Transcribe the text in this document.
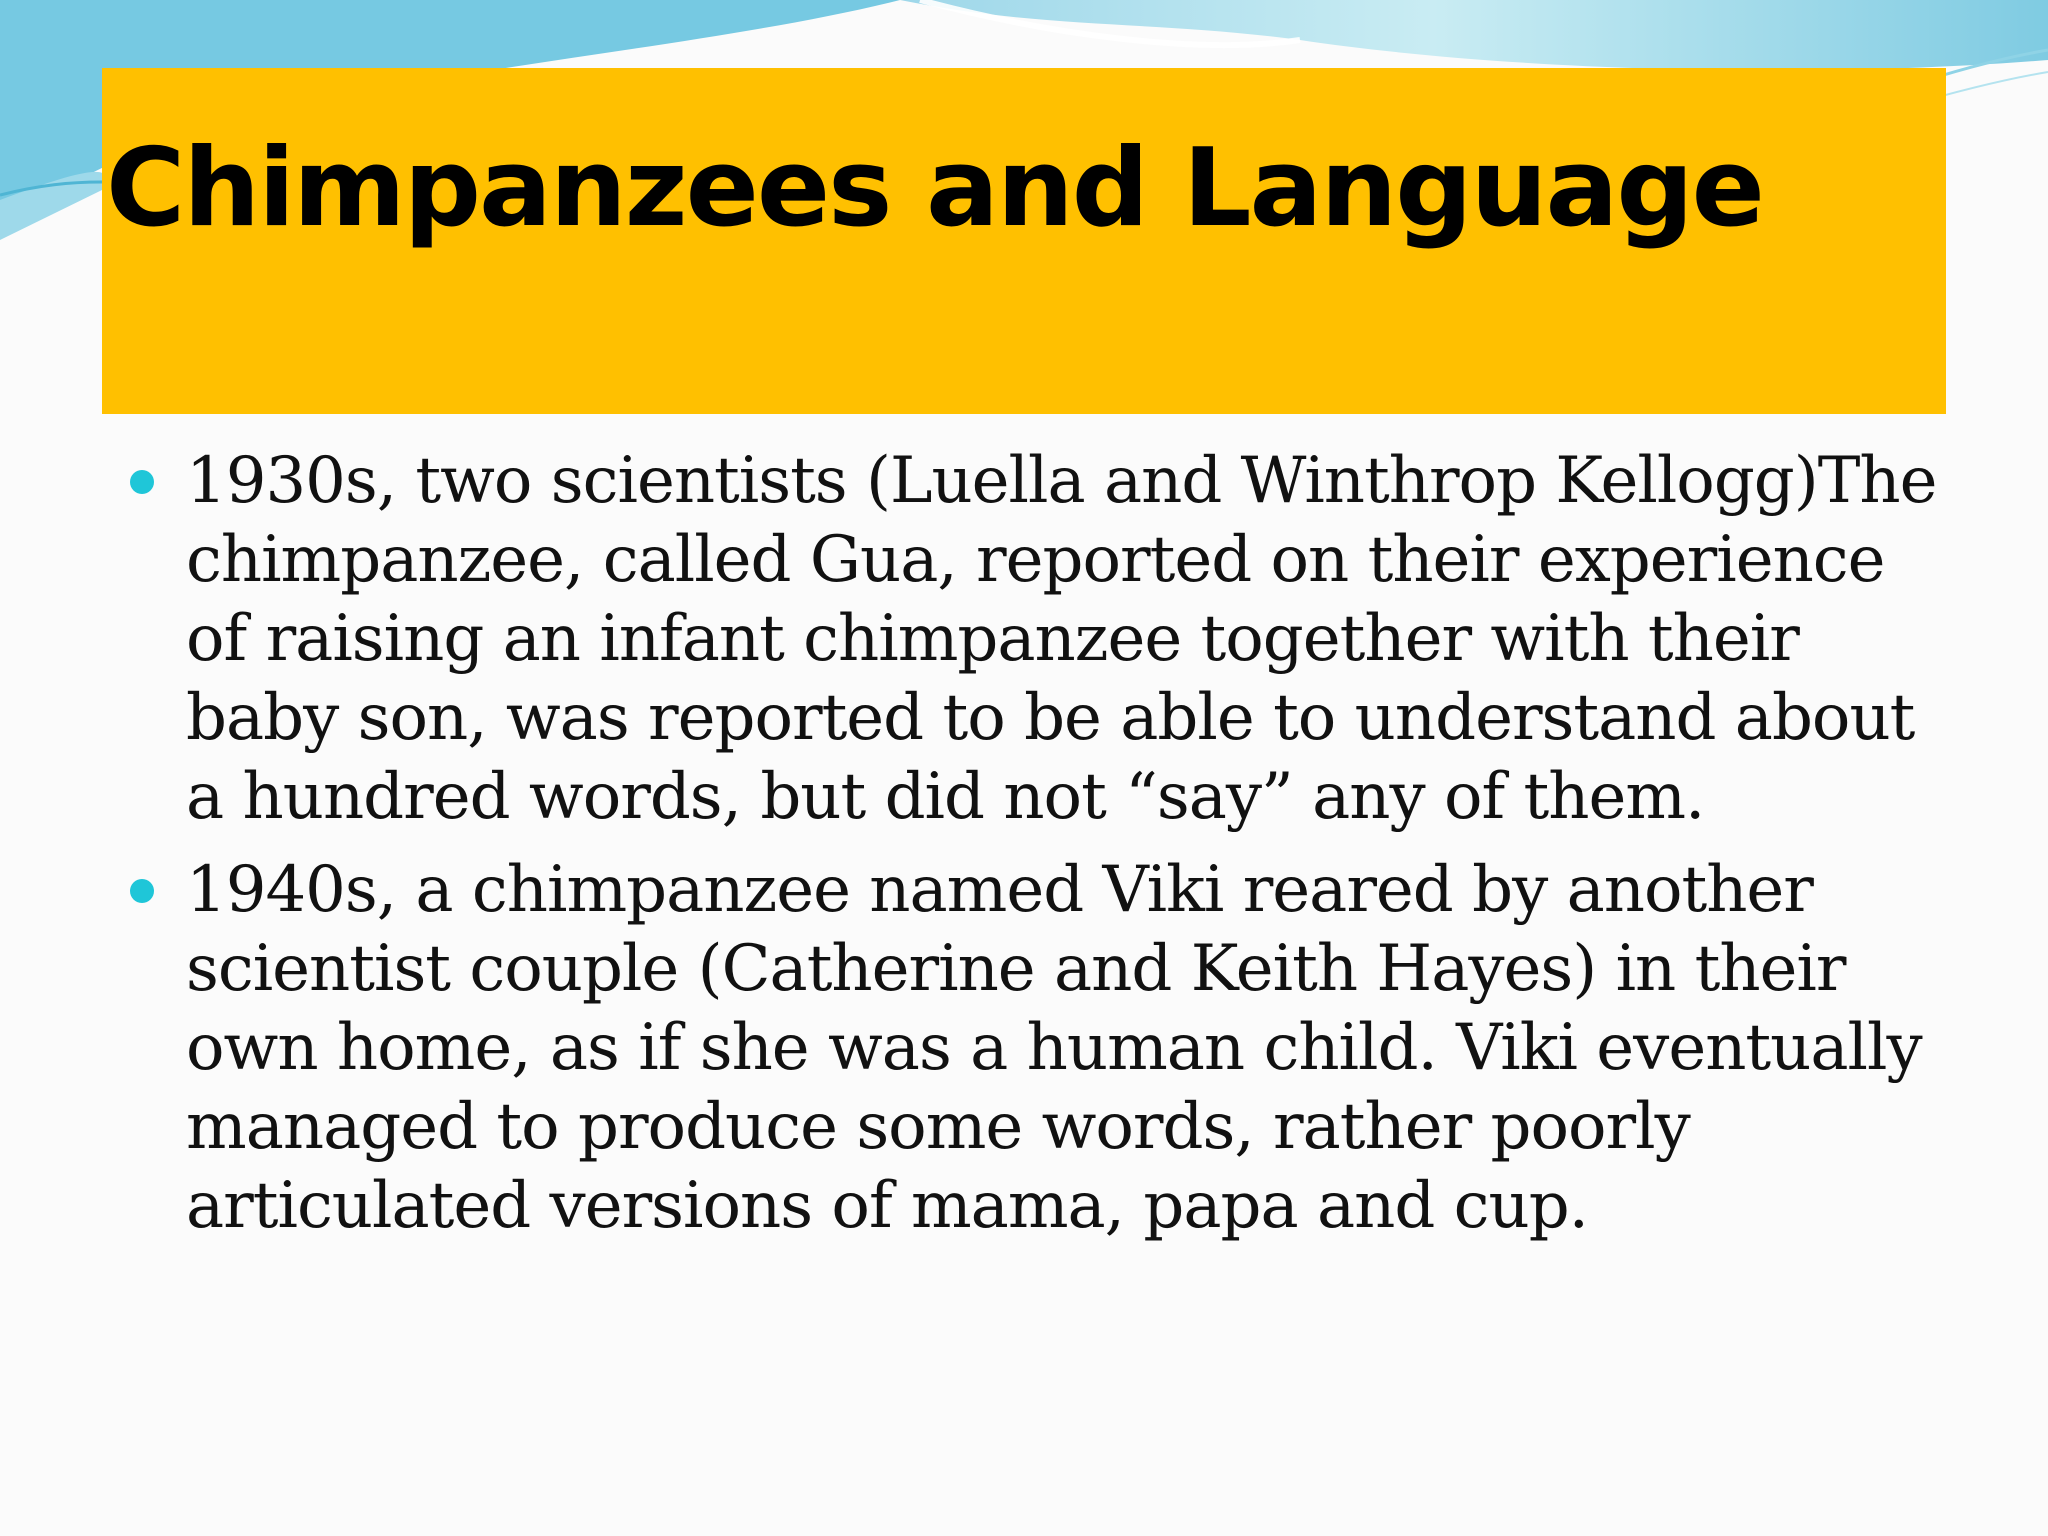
Chimpanzees and Language
1930s, two scientists (Luella and Winthrop Kellogg)The chimpanzee, called Gua, reported on their experience of raising an infant chimpanzee together with their baby son, was reported to be able to understand about a hundred words, but did not “say” any of them.
1940s, a chimpanzee named Viki reared by another scientist couple (Catherine and Keith Hayes) in their own home, as if she was a human child. Viki eventually managed to produce some words, rather poorly articulated versions of mama, papa and cup.
